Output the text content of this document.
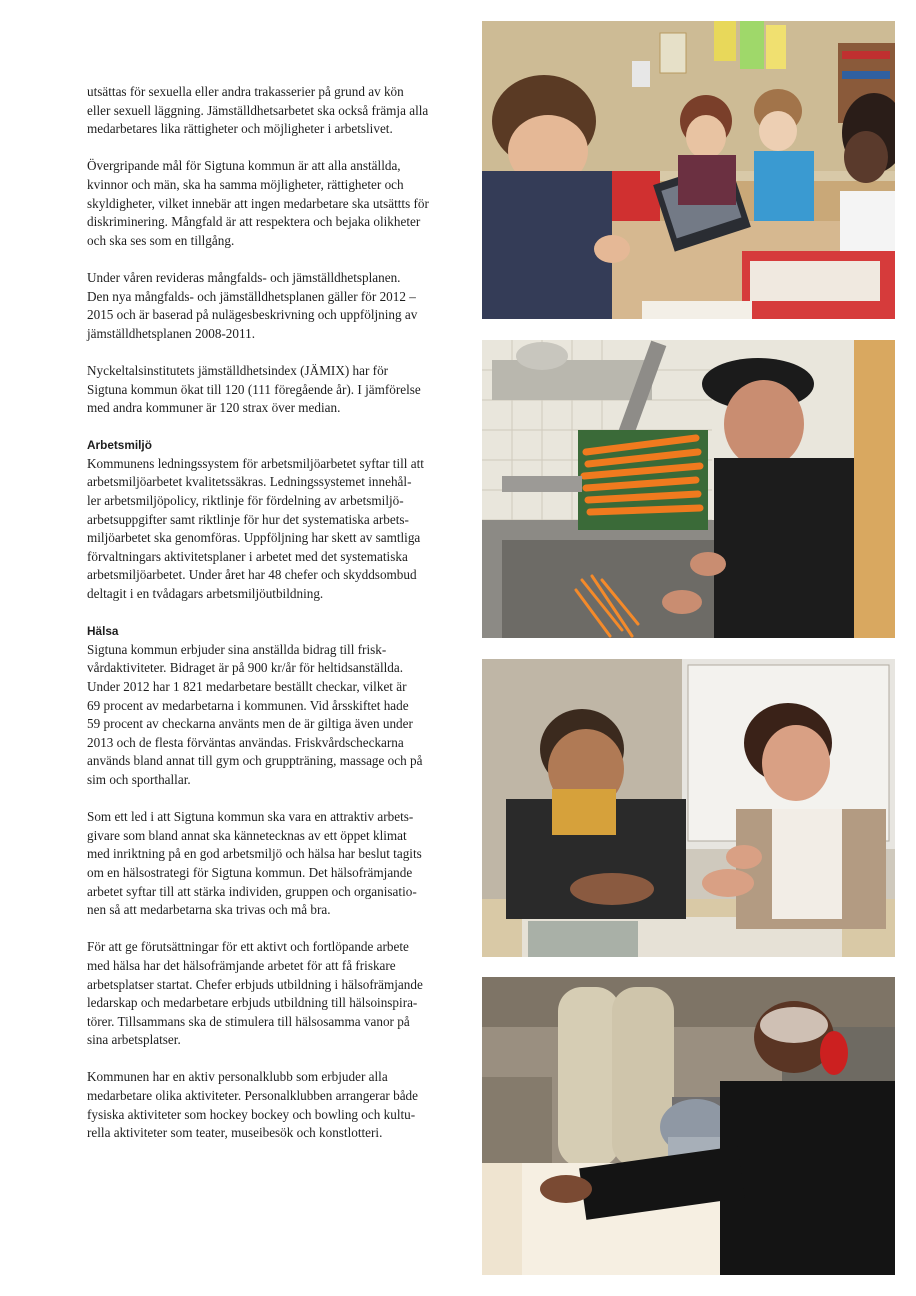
utsättas för sexuella eller andra trakasserier på grund av kön
eller sexuell läggning. Jämställdhetsarbetet ska också främja alla
medarbetares lika rättigheter och möjligheter i arbetslivet.
Övergripande mål för Sigtuna kommun är att alla anställda,
kvinnor och män, ska ha samma möjligheter, rättigheter och
skyldigheter, vilket innebär att ingen medarbetare ska utsättts för
diskriminering. Mångfald är att respektera och bejaka olikheter
och ska ses som en tillgång.
Under våren revideras mångfalds- och jämställdhetsplanen.
Den nya mångfalds- och jämställdhetsplanen gäller för 2012 –
2015 och är baserad på nulägesbeskrivning och uppföljning av
jämställdhetsplanen 2008-2011.
Nyckeltalsinstitutets jämställdhetsindex (JÄMIX) har för
Sigtuna kommun ökat till 120 (111 föregående år). I jämförelse
med andra kommuner är 120 strax över median.
Arbetsmiljö
Kommunens ledningssystem för arbetsmiljöarbetet syftar till att
arbetsmiljöarbetet kvalitetssäkras. Ledningssystemet innehål-
ler arbetsmiljöpolicy, riktlinje för fördelning av arbetsmiljö-
arbetsuppgifter samt riktlinje för hur det systematiska arbets-
miljöarbetet ska genomföras. Uppföljning har skett av samtliga
förvaltningars aktivitetsplaner i arbetet med det systematiska
arbetsmiljöarbetet. Under året har 48 chefer och skyddsombud
deltagit i en tvådagars arbetsmiljöutbildning.
Hälsa
Sigtuna kommun erbjuder sina anställda bidrag till frisk-
vårdaktiviteter. Bidraget är på 900 kr/år för heltidsanställda.
Under 2012 har 1 821 medarbetare beställt checkar, vilket är
69 procent av medarbetarna i kommunen. Vid årsskiftet hade
59 procent av checkarna använts men de är giltiga även under
2013 och de flesta förväntas användas. Friskvårdscheckarna
används bland annat till gym och gruppträning, massage och på
sim och sporthallar.
Som ett led i att Sigtuna kommun ska vara en attraktiv arbets-
givare som bland annat ska kännetecknas av ett öppet klimat
med inriktning på en god arbetsmiljö och hälsa har beslut tagits
om en hälsostrategi för Sigtuna kommun. Det hälsofrämjande
arbetet syftar till att stärka individen, gruppen och organisatio-
nen så att medarbetarna ska trivas och må bra.
För att ge förutsättningar för ett aktivt och fortlöpande arbete
med hälsa har det hälsofrämjande arbetet för att få friskare
arbetsplatser startat. Chefer erbjuds utbildning i hälsofrämjande
ledarskap och medarbetare erbjuds utbildning till hälsoinspira-
törer. Tillsammans ska de stimulera till hälsosamma vanor på
sina arbetsplatser.
Kommunen har en aktiv personalklubb som erbjuder alla
medarbetare olika aktiviteter. Personalklubben arrangerar både
fysiska aktiviteter som hockey bockey och bowling och kultu-
rella aktiviteter som teater, museibesök och konstlotteri.
